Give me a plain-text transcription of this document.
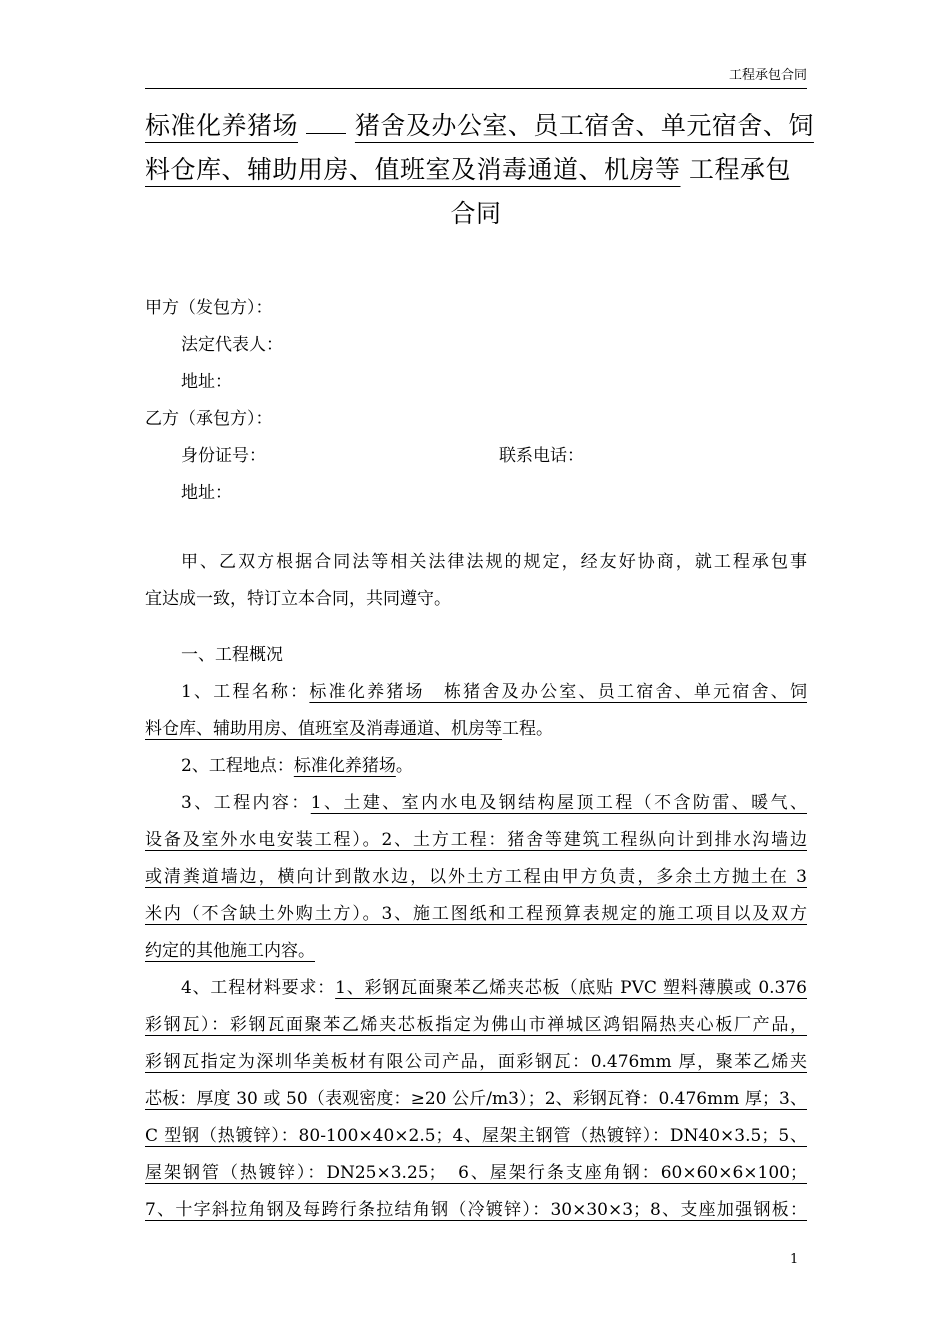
工程承包合同
标准化养猪场 猪舍及办公室、员工宿舍、单元宿舍、饲
料仓库、辅助用房、值班室及消毒通道、机房等 工程承包
合同
甲方（发包方）：
法定代表人：
地址：
乙方（承包方）：
身份证号：	联系电话：
地址：
甲、乙双方根据合同法等相关法律法规的规定，经友好协商，就工程承包事
宜达成一致，特订立本合同，共同遵守。
一、工程概况
1、工程名称：标准化养猪场　栋猪舍及办公室、员工宿舍、单元宿舍、饲
料仓库、辅助用房、值班室及消毒通道、机房等工程。
2、工程地点：标准化养猪场。
3、工程内容：1、土建、室内水电及钢结构屋顶工程（不含防雷、暖气、
设备及室外水电安装工程）。2、土方工程：猪舍等建筑工程纵向计到排水沟墙边
或清粪道墙边，横向计到散水边，以外土方工程由甲方负责，多余土方抛土在 3
米内（不含缺土外购土方）。3、施工图纸和工程预算表规定的施工项目以及双方
约定的其他施工内容。
4、工程材料要求：1、彩钢瓦面聚苯乙烯夹芯板（底贴 PVC 塑料薄膜或 0.376
彩钢瓦）：彩钢瓦面聚苯乙烯夹芯板指定为佛山市禅城区鸿铝隔热夹心板厂产品，
彩钢瓦指定为深圳华美板材有限公司产品，面彩钢瓦：0.476mm 厚，聚苯乙烯夹
芯板：厚度 30 或 50（表观密度：≥20 公斤/m3）；2、彩钢瓦脊：0.476mm 厚；3、
C 型钢（热镀锌）：80-100×40×2.5；4、屋架主钢管（热镀锌）：DN40×3.5；5、
屋架钢管（热镀锌）：DN25×3.25；　6、屋架行条支座角钢：60×60×6×100；
7、十字斜拉角钢及每跨行条拉结角钢（冷镀锌）：30×30×3；8、支座加强钢板：
1
